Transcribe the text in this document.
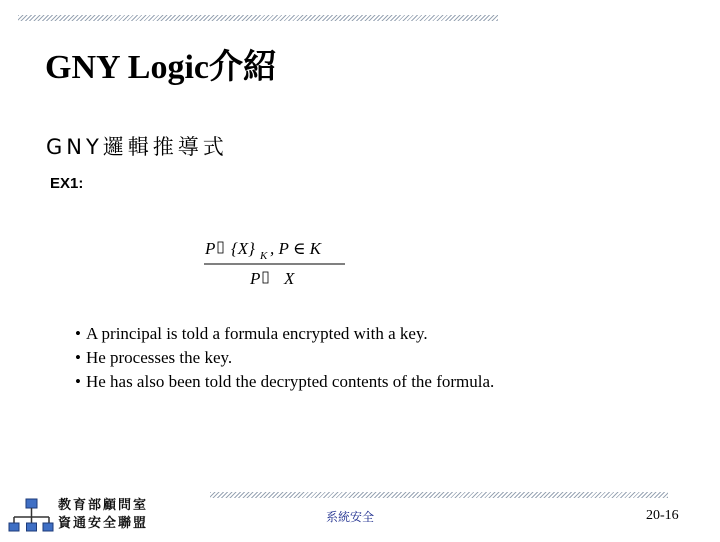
GNY Logic介紹
GNY邏輯推導式
EX1:
P {X} K , P ∈ K
P X
• A principal is told a formula encrypted with a key.
• He processes the key.
• He has also been told the decrypted contents of the formula.
教育部顧問室
資通安全聯盟	系統安全	20-16
